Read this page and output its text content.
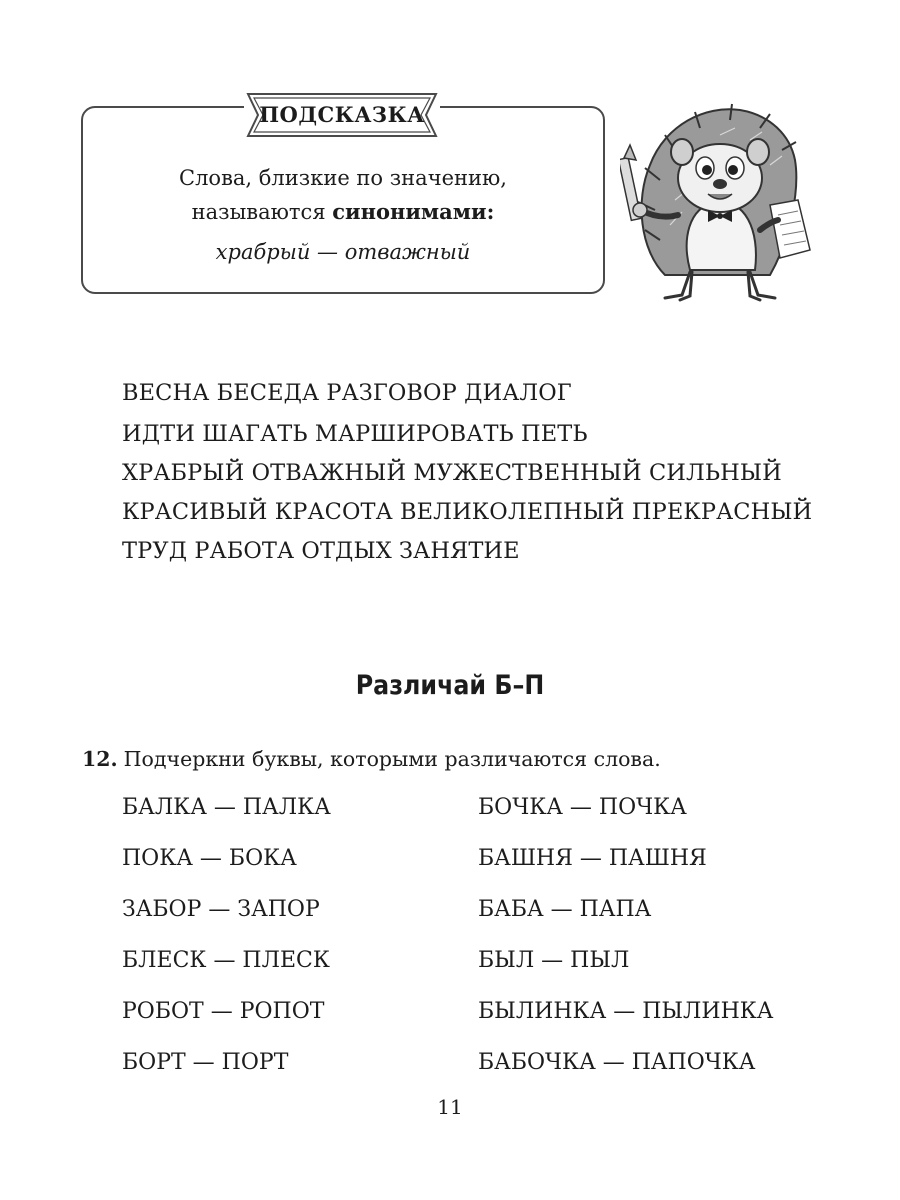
ПОДСКАЗКА
Слова, близкие по значению,
называются синонимами:
храбрый — отважный
ВЕСНА БЕСЕДА РАЗГОВОР ДИАЛОГ
ИДТИ ШАГАТЬ МАРШИРОВАТЬ ПЕТЬ
ХРАБРЫЙ ОТВАЖНЫЙ МУЖЕСТВЕННЫЙ СИЛЬНЫЙ
КРАСИВЫЙ КРАСОТА ВЕЛИКОЛЕПНЫЙ ПРЕКРАСНЫЙ
ТРУД РАБОТА ОТДЫХ ЗАНЯТИЕ
Различай Б–П
12. Подчеркни буквы, которыми различаются слова.
БАЛКА — ПАЛКА
ПОКА — БОКА
ЗАБОР — ЗАПОР
БЛЕСК — ПЛЕСК
РОБОТ — РОПОТ
БОРТ — ПОРТ
БОЧКА — ПОЧКА
БАШНЯ — ПАШНЯ
БАБА — ПАПА
БЫЛ — ПЫЛ
БЫЛИНКА — ПЫЛИНКА
БАБОЧКА — ПАПОЧКА
11
